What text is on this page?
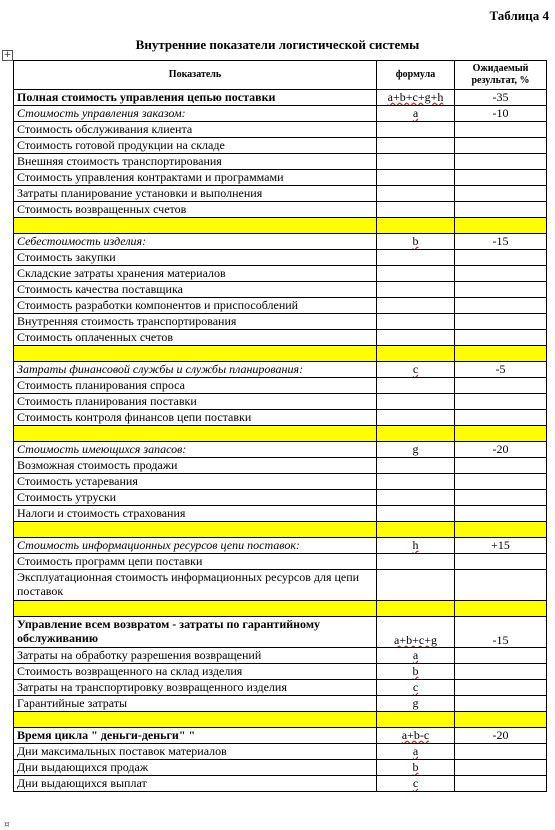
Таблица 4
Внутренние показатели логистической системы
+
Показатель	формула	Ожидаемый результат, %
Полная стоимость управления цепью поставки	a+b+c+g+h	-35
Стоимость управления заказом:	a	-10
Стоимость обслуживания клиента		
Стоимость готовой продукции на складе		
Внешняя стоимость транспортирования		
Стоимость управления контрактами и программами		
Затраты планирование установки и выполнения		
Стоимость возвращенных счетов		

Себестоимость изделия:	b	-15
Стоимость закупки		
Складские затраты хранения материалов		
Стоимость качества поставщика		
Стоимость разработки компонентов и приспособлений		
Внутренняя стоимость транспортирования		
Стоимость оплаченных счетов		

Затраты финансовой службы и службы планирования:	c	-5
Стоимость планирования спроса		
Стоимость планирования поставки		
Стоимость контроля финансов цепи поставки		

Стоимость имеющихся запасов:	g	-20
Возможная стоимость продажи		
Стоимость устаревания		
Стоимость утруски		
Налоги и стоимость страхования		

Стоимость информационных ресурсов цепи поставок:	h	+15
Стоимость программ цепи поставки		
Эксплуатационная стоимость информационных ресурсов для цепи поставок		

Управление всем возвратом - затраты по гарантийному обслуживанию	a+b+c+g	-15
Затраты на обработку разрешения возвращений	a	
Стоимость возвращенного на склад изделия	b	
Затраты на транспортировку возвращенного изделия	c	
Гарантийные затраты	g	

Время цикла " деньги-деньги" "	a+b-c	-20
Дни максимальных поставок материалов	a	
Дни выдающихся продаж	b	
Дни выдающихся выплат	c	
¤
